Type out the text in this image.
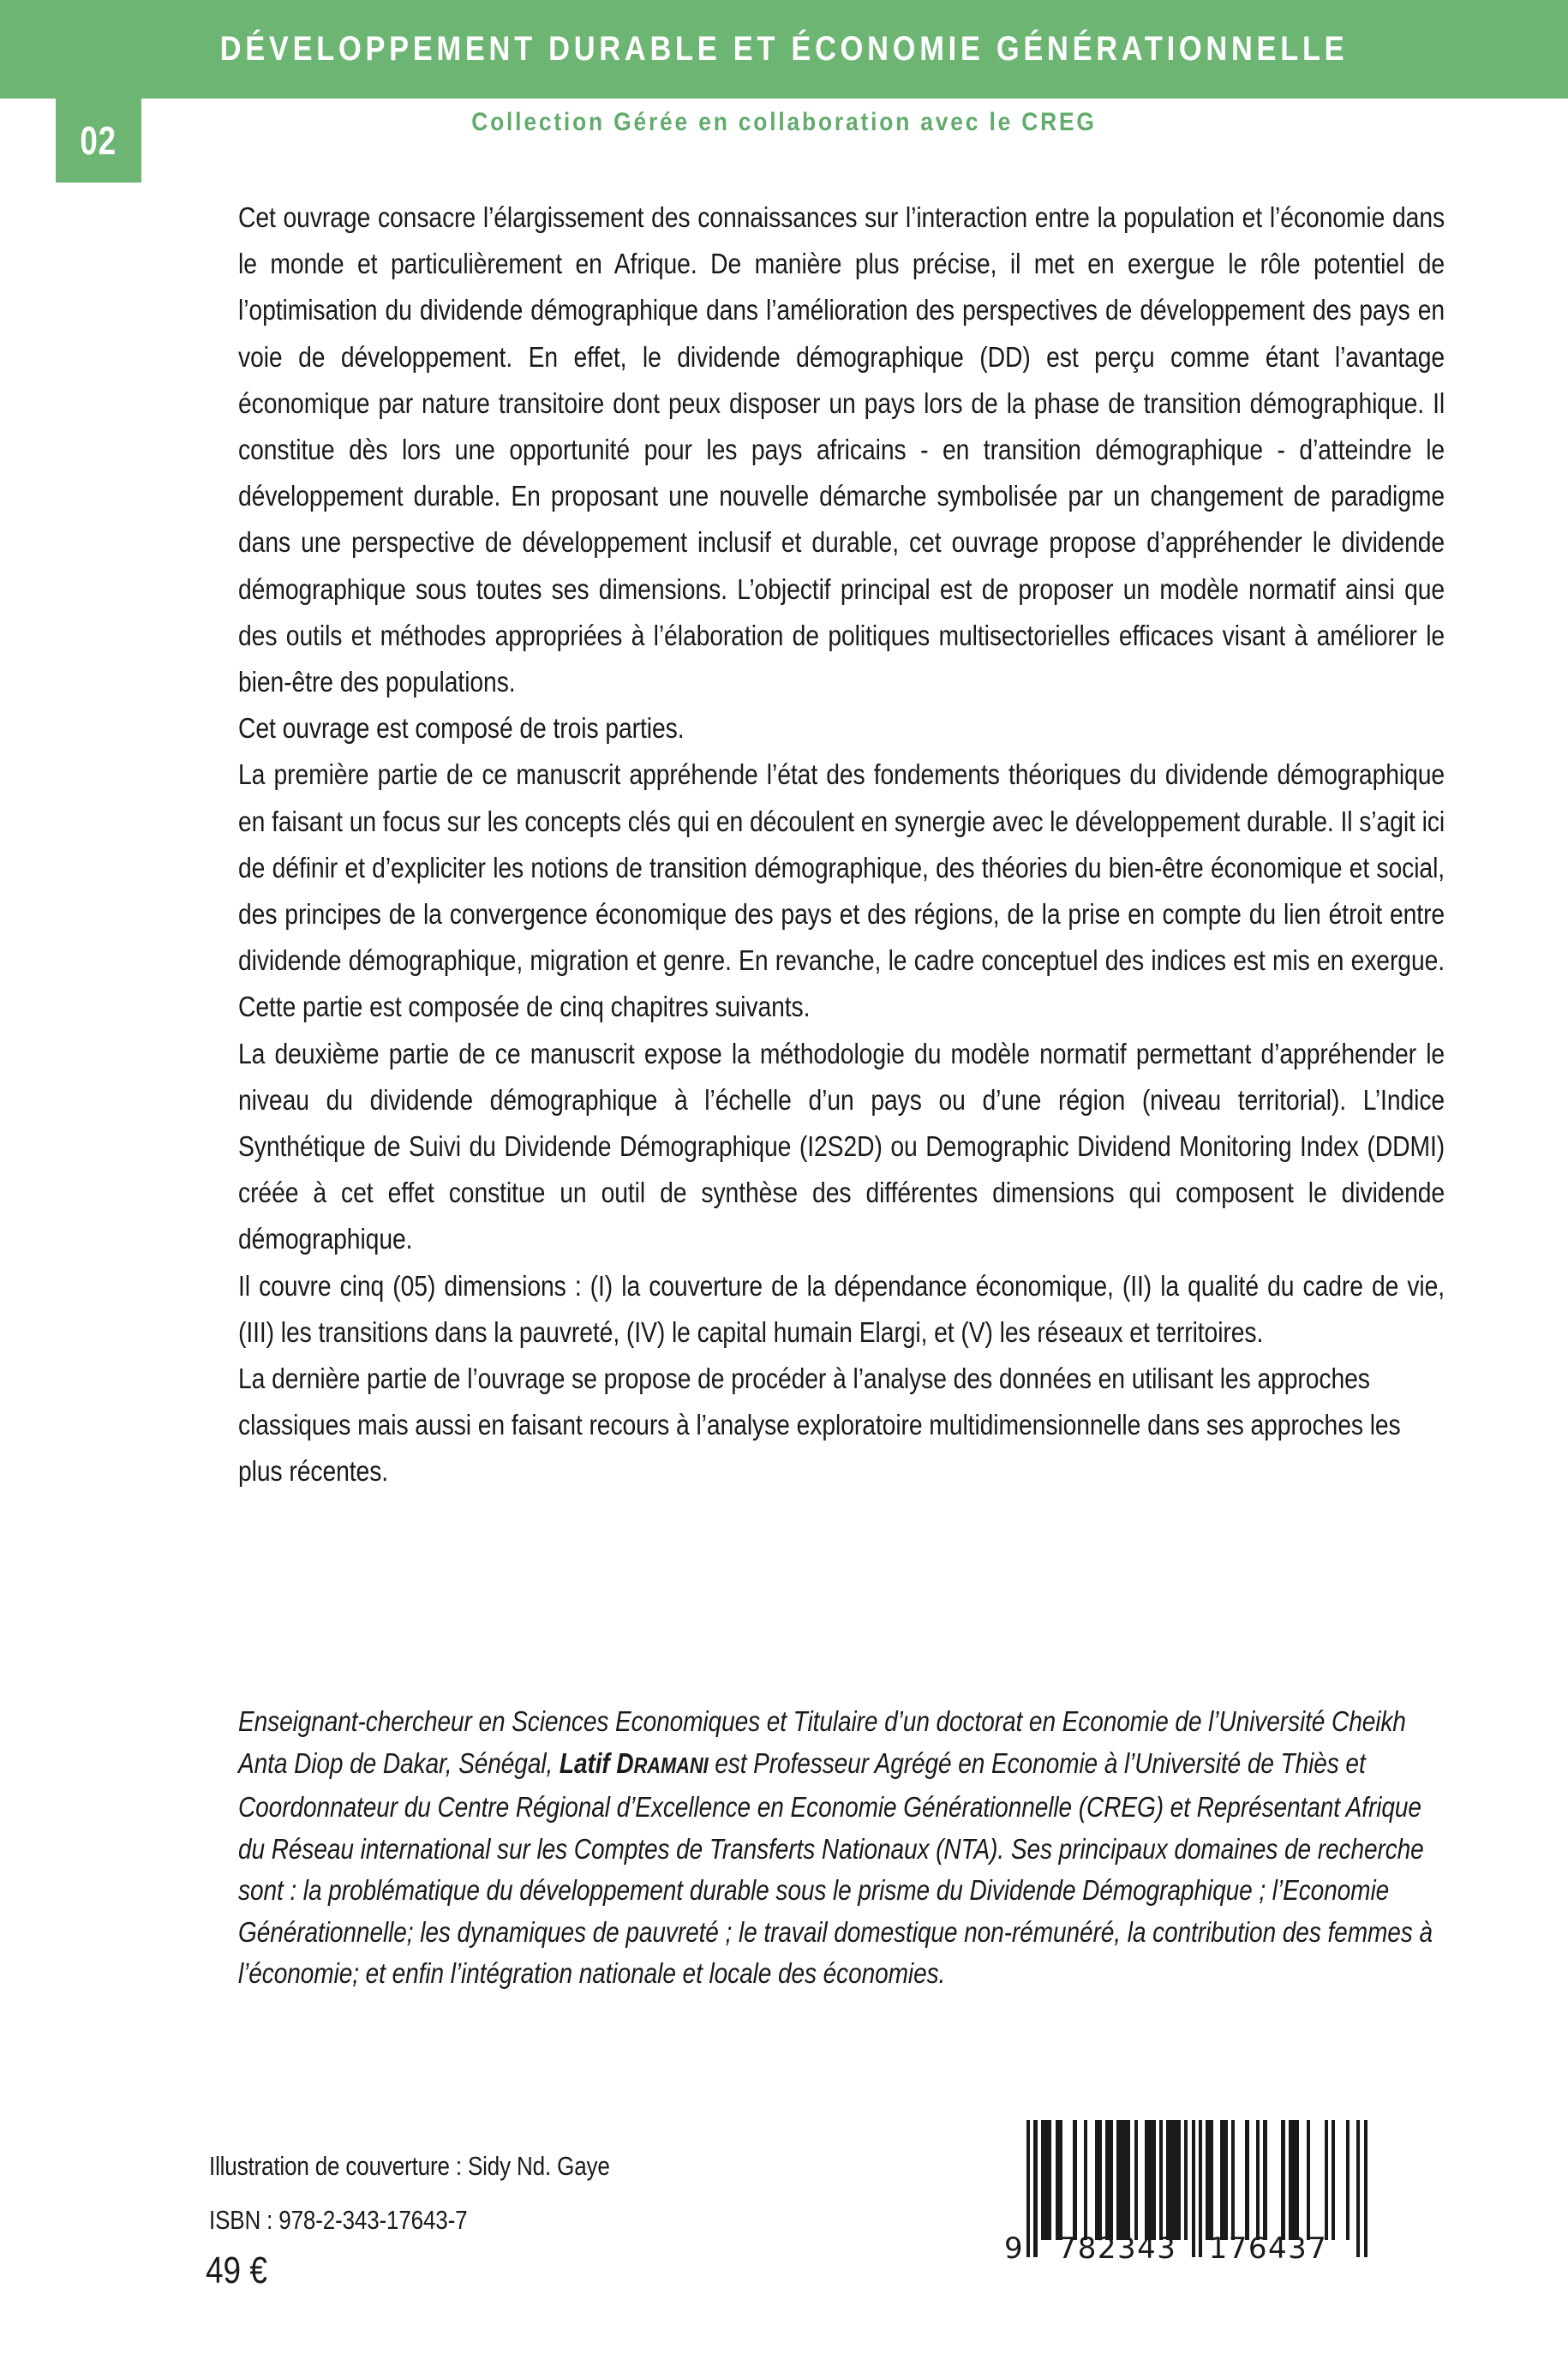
DÉVELOPPEMENT DURABLE ET ÉCONOMIE GÉNÉRATIONNELLE
02	Collection Gérée en collaboration avec le CREG

Cet ouvrage consacre l’élargissement des connaissances sur l’interaction entre la population et l’économie dans le monde et particulièrement en Afrique. De manière plus précise, il met en exergue le rôle potentiel de l’optimisation du dividende démographique dans l’amélioration des perspectives de développement des pays en voie de développement. En effet, le dividende démographique (DD) est perçu comme étant l’avantage économique par nature transitoire dont peux disposer un pays lors de la phase de transition démographique. Il constitue dès lors une opportunité pour les pays africains - en transition démographique - d’atteindre le développement durable. En proposant une nouvelle démarche symbolisée par un changement de paradigme dans une perspective de développement inclusif et durable, cet ouvrage propose d’appréhender le dividende démographique sous toutes ses dimensions. L’objectif principal est de proposer un modèle normatif ainsi que des outils et méthodes appropriées à l’élaboration de politiques multisectorielles efficaces visant à améliorer le bien-être des populations.

Cet ouvrage est composé de trois parties.

La première partie de ce manuscrit appréhende l’état des fondements théoriques du dividende démographique en faisant un focus sur les concepts clés qui en découlent en synergie avec le développement durable. Il s’agit ici de définir et d’expliciter les notions de transition démographique, des théories du bien-être économique et social, des principes de la convergence économique des pays et des régions, de la prise en compte du lien étroit entre dividende démographique, migration et genre. En revanche, le cadre conceptuel des indices est mis en exergue. Cette partie est composée de cinq chapitres suivants.

La deuxième partie de ce manuscrit expose la méthodologie du modèle normatif permettant d’appréhender le niveau du dividende démographique à l’échelle d’un pays ou d’une région (niveau territorial). L’Indice Synthétique de Suivi du Dividende Démographique (I2S2D) ou Demographic Dividend Monitoring Index (DDMI) créée à cet effet constitue un outil de synthèse des différentes dimensions qui composent le dividende démographique.

Il couvre cinq (05) dimensions : (I) la couverture de la dépendance économique, (II) la qualité du cadre de vie, (III) les transitions dans la pauvreté, (IV) le capital humain Elargi, et (V) les réseaux et territoires.

La dernière partie de l’ouvrage se propose de procéder à l’analyse des données en utilisant les approches classiques mais aussi en faisant recours à l’analyse exploratoire multidimensionnelle dans ses approches les plus récentes.

Enseignant-chercheur en Sciences Economiques et Titulaire d’un doctorat en Economie de l’Université Cheikh Anta Diop de Dakar, Sénégal, Latif DRAMANI est Professeur Agrégé en Economie à l’Université de Thiès et Coordonnateur du Centre Régional d’Excellence en Economie Générationnelle (CREG) et Représentant Afrique du Réseau international sur les Comptes de Transferts Nationaux (NTA). Ses principaux domaines de recherche sont : la problématique du développement durable sous le prisme du Dividende Démographique ; l’Economie Générationnelle; les dynamiques de pauvreté ; le travail domestique non-rémunéré, la contribution des femmes à l’économie; et enfin l’intégration nationale et locale des économies.

Illustration de couverture : Sidy Nd. Gaye
ISBN : 978-2-343-17643-7
49 €
9 782343 176437
